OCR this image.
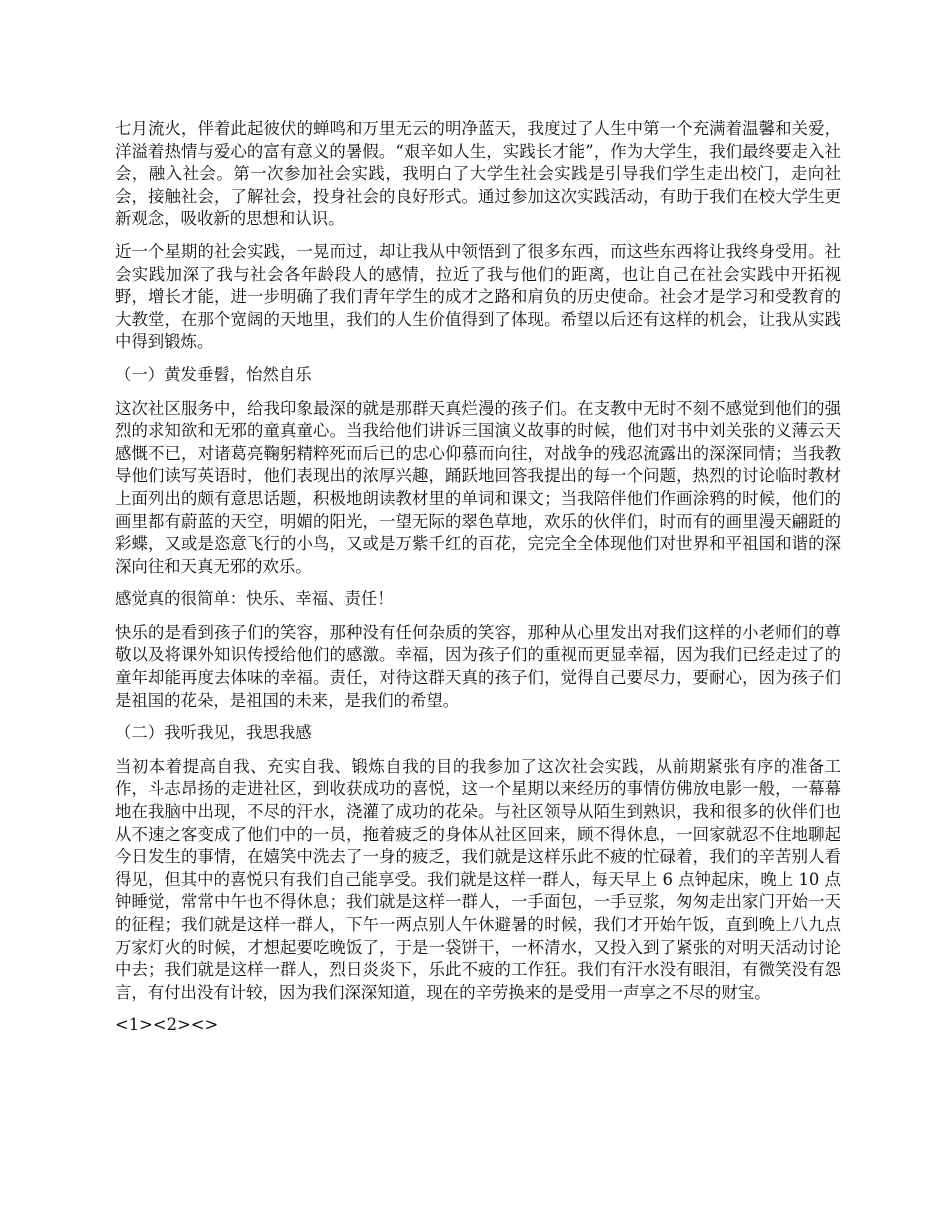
七月流火，伴着此起彼伏的蝉鸣和万里无云的明净蓝天，我度过了人生中第一个充满着温馨和关爱，洋溢着热情与爱心的富有意义的暑假。“艰辛如人生，实践长才能”，作为大学生，我们最终要走入社会，融入社会。第一次参加社会实践，我明白了大学生社会实践是引导我们学生走出校门，走向社会，接触社会，了解社会，投身社会的良好形式。通过参加这次实践活动，有助于我们在校大学生更新观念，吸收新的思想和认识。

近一个星期的社会实践，一晃而过，却让我从中领悟到了很多东西，而这些东西将让我终身受用。社会实践加深了我与社会各年龄段人的感情，拉近了我与他们的距离，也让自己在社会实践中开拓视野，增长才能，进一步明确了我们青年学生的成才之路和肩负的历史使命。社会才是学习和受教育的大教堂，在那个宽阔的天地里，我们的人生价值得到了体现。希望以后还有这样的机会，让我从实践中得到锻炼。

（一）黄发垂髫，怡然自乐

这次社区服务中，给我印象最深的就是那群天真烂漫的孩子们。在支教中无时不刻不感觉到他们的强烈的求知欲和无邪的童真童心。当我给他们讲诉三国演义故事的时候，他们对书中刘关张的义薄云天感慨不已，对诸葛亮鞠躬精粹死而后已的忠心仰慕而向往，对战争的残忍流露出的深深同情；当我教导他们读写英语时，他们表现出的浓厚兴趣，踊跃地回答我提出的每一个问题，热烈的讨论临时教材上面列出的颇有意思话题，积极地朗读教材里的单词和课文；当我陪伴他们作画涂鸦的时候，他们的画里都有蔚蓝的天空，明媚的阳光，一望无际的翠色草地，欢乐的伙伴们，时而有的画里漫天翩跹的彩蝶，又或是恣意飞行的小鸟，又或是万紫千红的百花，完完全全体现他们对世界和平祖国和谐的深深向往和天真无邪的欢乐。

感觉真的很简单：快乐、幸福、责任！

快乐的是看到孩子们的笑容，那种没有任何杂质的笑容，那种从心里发出对我们这样的小老师们的尊敬以及将课外知识传授给他们的感激。幸福，因为孩子们的重视而更显幸福，因为我们已经走过了的童年却能再度去体味的幸福。责任，对待这群天真的孩子们，觉得自己要尽力，要耐心，因为孩子们是祖国的花朵，是祖国的未来，是我们的希望。

（二）我听我见，我思我感

当初本着提高自我、充实自我、锻炼自我的目的我参加了这次社会实践，从前期紧张有序的准备工作，斗志昂扬的走进社区，到收获成功的喜悦，这一个星期以来经历的事情仿佛放电影一般，一幕幕地在我脑中出现，不尽的汗水，浇灌了成功的花朵。与社区领导从陌生到熟识，我和很多的伙伴们也从不速之客变成了他们中的一员，拖着疲乏的身体从社区回来，顾不得休息，一回家就忍不住地聊起今日发生的事情，在嬉笑中洗去了一身的疲乏，我们就是这样乐此不疲的忙碌着，我们的辛苦别人看得见，但其中的喜悦只有我们自己能享受。我们就是这样一群人，每天早上 6 点钟起床，晚上 10 点钟睡觉，常常中午也不得休息；我们就是这样一群人，一手面包，一手豆浆，匆匆走出家门开始一天的征程；我们就是这样一群人，下午一两点别人午休避暑的时候，我们才开始午饭，直到晚上八九点万家灯火的时候，才想起要吃晚饭了，于是一袋饼干，一杯清水，又投入到了紧张的对明天活动讨论中去；我们就是这样一群人，烈日炎炎下，乐此不疲的工作狂。我们有汗水没有眼泪，有微笑没有怨言，有付出没有计较，因为我们深深知道，现在的辛劳换来的是受用一声享之不尽的财宝。

<1><2><>
